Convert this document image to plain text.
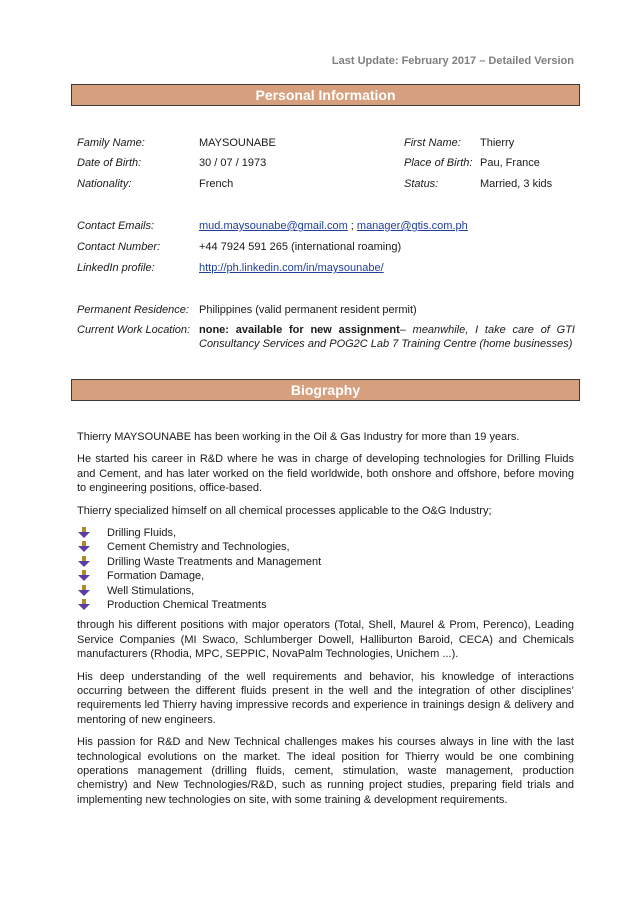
Last Update: February 2017 – Detailed Version
Personal Information
Family Name:	MAYSOUNABE	First Name: Thierry
Date of Birth:	30 / 07 / 1973	Place of Birth: Pau, France
Nationality:	French	Status:	Married, 3 kids
Contact Emails:	mud.maysounabe@gmail.com ; manager@gtis.com.ph
Contact Number:	+44 7924 591 265 (international roaming)
LinkedIn profile:	http://ph.linkedin.com/in/maysounabe/
Permanent Residence: Philippines (valid permanent resident permit)
Current Work Location: none: available for new assignment– meanwhile, I take care of GTI Consultancy Services and POG2C Lab 7 Training Centre (home businesses)
Biography

Thierry MAYSOUNABE has been working in the Oil & Gas Industry for more than 19 years.

He started his career in R&D where he was in charge of developing technologies for Drilling Fluids and Cement, and has later worked on the field worldwide, both onshore and offshore, before moving to engineering positions, office-based.

Thierry specialized himself on all chemical processes applicable to the O&G Industry;

Drilling Fluids,
Cement Chemistry and Technologies,
Drilling Waste Treatments and Management
Formation Damage,
Well Stimulations,
Production Chemical Treatments

through his different positions with major operators (Total, Shell, Maurel & Prom, Perenco), Leading Service Companies (MI Swaco, Schlumberger Dowell, Halliburton Baroid, CECA) and Chemicals manufacturers (Rhodia, MPC, SEPPIC, NovaPalm Technologies, Unichem ...).

His deep understanding of the well requirements and behavior, his knowledge of interactions occurring between the different fluids present in the well and the integration of other disciplines’ requirements led Thierry having impressive records and experience in trainings design & delivery and mentoring of new engineers.

His passion for R&D and New Technical challenges makes his courses always in line with the last technological evolutions on the market. The ideal position for Thierry would be one combining operations management (drilling fluids, cement, stimulation, waste management, production chemistry) and New Technologies/R&D, such as running project studies, preparing field trials and implementing new technologies on site, with some training & development requirements.
